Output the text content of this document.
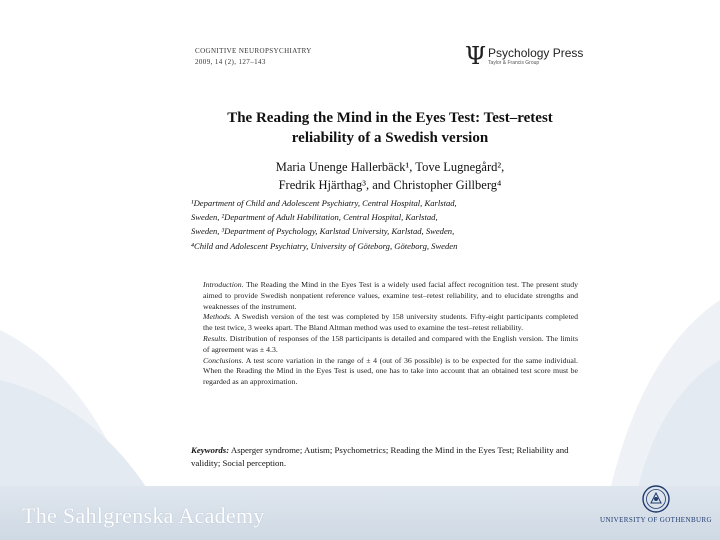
The Sahlgrenska Academy	UNIVERSITY OF GOTHENBURG
COGNITIVE NEUROPSYCHIATRY
2009, 14 (2), 127–143	Ψ Psychology Press
Taylor & Francis Group
The Reading the Mind in the Eyes Test: Test–retest
reliability of a Swedish version
Maria Unenge Hallerbäck¹, Tove Lugnegård²,
Fredrik Hjärthag³, and Christopher Gillberg⁴
¹Department of Child and Adolescent Psychiatry, Central Hospital, Karlstad,
Sweden, ²Department of Adult Habilitation, Central Hospital, Karlstad,
Sweden, ³Department of Psychology, Karlstad University, Karlstad, Sweden,
⁴Child and Adolescent Psychiatry, University of Göteborg, Göteborg, Sweden

Introduction. The Reading the Mind in the Eyes Test is a widely used facial affect recognition test. The present study aimed to provide Swedish nonpatient reference values, examine test–retest reliability, and to elucidate strengths and weaknesses of the instrument.

Methods. A Swedish version of the test was completed by 158 university students. Fifty-eight participants completed the test twice, 3 weeks apart. The Bland Altman method was used to examine the test–retest reliability.

Results. Distribution of responses of the 158 participants is detailed and compared with the English version. The limits of agreement was ± 4.3.

Conclusions. A test score variation in the range of ± 4 (out of 36 possible) is to be expected for the same individual. When the Reading the Mind in the Eyes Test is used, one has to take into account that an obtained test score must be regarded as an approximation.

Keywords: Asperger syndrome; Autism; Psychometrics; Reading the Mind in the Eyes Test; Reliability and validity; Social perception.
